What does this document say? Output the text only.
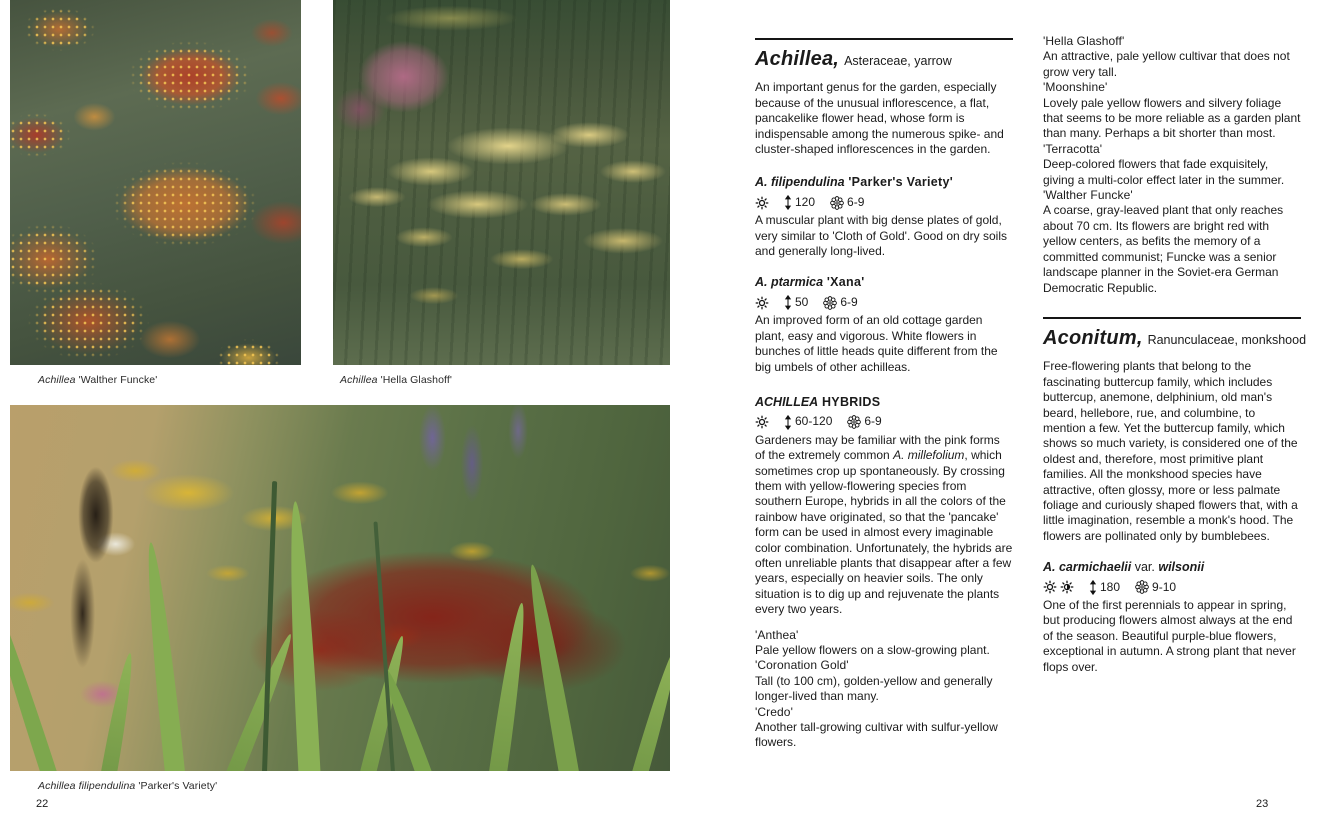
Achillea 'Walther Funcke'	Achillea 'Hella Glashoff'
Achillea filipendulina 'Parker's Variety'
22	23
Achillea, Asteraceae, yarrow

An important genus for the garden, especially because of the unusual inflorescence, a flat, pancakelike flower head, whose form is indispensable among the numerous spike- and cluster-shaped inflorescences in the garden.

A. filipendulina 'Parker's Variety'
120	6-9

A muscular plant with big dense plates of gold, very similar to 'Cloth of Gold'. Good on dry soils and generally long-lived.

A. ptarmica 'Xana'
50	6-9

An improved form of an old cottage garden plant, easy and vigorous. White flowers in bunches of little heads quite different from the big umbels of other achilleas.

ACHILLEA HYBRIDS
60-120	6-9

Gardeners may be familiar with the pink forms of the extremely common A. millefolium, which sometimes crop up spontaneously. By crossing them with yellow-flowering species from southern Europe, hybrids in all the colors of the rainbow have originated, so that the 'pancake' form can be used in almost every imaginable color combination. Unfortunately, the hybrids are often unreliable plants that disappear after a few years, especially on heavier soils. The only situation is to dig up and rejuvenate the plants every two years.

'Anthea'
Pale yellow flowers on a slow-growing plant.
'Coronation Gold'
Tall (to 100 cm), golden-yellow and generally longer-lived than many.
'Credo'
Another tall-growing cultivar with sulfur-yellow flowers.
'Hella Glashoff'
An attractive, pale yellow cultivar that does not grow very tall.
'Moonshine'
Lovely pale yellow flowers and silvery foliage that seems to be more reliable as a garden plant than many. Perhaps a bit shorter than most.
'Terracotta'
Deep-colored flowers that fade exquisitely, giving a multi-color effect later in the summer.
'Walther Funcke'
A coarse, gray-leaved plant that only reaches about 70 cm. Its flowers are bright red with yellow centers, as befits the memory of a committed communist; Funcke was a senior landscape planner in the Soviet-era German Democratic Republic.
Aconitum, Ranunculaceae, monkshood

Free-flowering plants that belong to the fascinating buttercup family, which includes buttercup, anemone, delphinium, old man's beard, hellebore, rue, and columbine, to mention a few. Yet the buttercup family, which shows so much variety, is considered one of the oldest and, therefore, most primitive plant families. All the monkshood species have attractive, often glossy, more or less palmate foliage and curiously shaped flowers that, with a little imagination, resemble a monk's hood. The flowers are pollinated only by bumblebees.

A. carmichaelii var. wilsonii
180	9-10

One of the first perennials to appear in spring, but producing flowers almost always at the end of the season. Beautiful purple-blue flowers, exceptional in autumn. A strong plant that never flops over.
